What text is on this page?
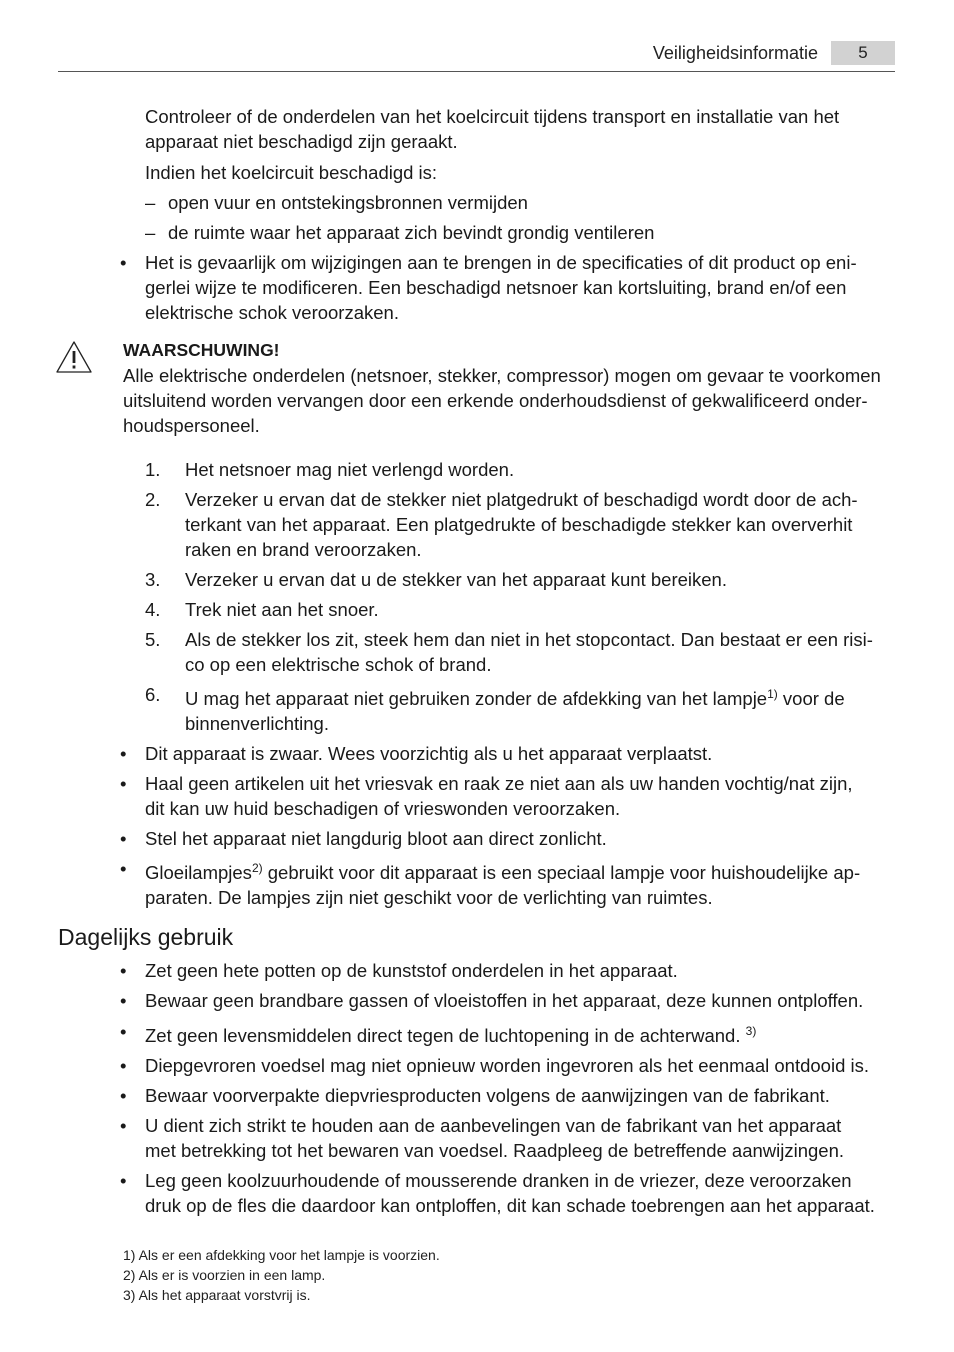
Veiligheidsinformatie	5
Controleer of de onderdelen van het koelcircuit tijdens transport en installatie van het apparaat niet beschadigd zijn geraakt.
Indien het koelcircuit beschadigd is:
– open vuur en ontstekingsbronnen vermijden
– de ruimte waar het apparaat zich bevindt grondig ventileren
• Het is gevaarlijk om wijzigingen aan te brengen in de specificaties of dit product op eni-
gerlei wijze te modificeren. Een beschadigd netsnoer kan kortsluiting, brand en/of een
elektrische schok veroorzaken.
WAARSCHUWING!
Alle elektrische onderdelen (netsnoer, stekker, compressor) mogen om gevaar te voorkomen
uitsluitend worden vervangen door een erkende onderhoudsdienst of gekwalificeerd onder-
houdspersoneel.
1. Het netsnoer mag niet verlengd worden.
2. Verzeker u ervan dat de stekker niet platgedrukt of beschadigd wordt door de ach-
terkant van het apparaat. Een platgedrukte of beschadigde stekker kan oververhit
raken en brand veroorzaken.
3. Verzeker u ervan dat u de stekker van het apparaat kunt bereiken.
4. Trek niet aan het snoer.
5. Als de stekker los zit, steek hem dan niet in het stopcontact. Dan bestaat er een risi-
co op een elektrische schok of brand.
6. U mag het apparaat niet gebruiken zonder de afdekking van het lampje$^{1)}$ voor de
binnenverlichting.
• Dit apparaat is zwaar. Wees voorzichtig als u het apparaat verplaatst.
• Haal geen artikelen uit het vriesvak en raak ze niet aan als uw handen vochtig/nat zijn,
dit kan uw huid beschadigen of vrieswonden veroorzaken.
• Stel het apparaat niet langdurig bloot aan direct zonlicht.
• Gloeilampjes$^{2)}$ gebruikt voor dit apparaat is een speciaal lampje voor huishoudelijke ap-
paraten. De lampjes zijn niet geschikt voor de verlichting van ruimtes.
Dagelijks gebruik
• Zet geen hete potten op de kunststof onderdelen in het apparaat.
• Bewaar geen brandbare gassen of vloeistoffen in het apparaat, deze kunnen ontploffen.
• Zet geen levensmiddelen direct tegen de luchtopening in de achterwand. $^{3)}$
• Diepgevroren voedsel mag niet opnieuw worden ingevroren als het eenmaal ontdooid is.
• Bewaar voorverpakte diepvriesproducten volgens de aanwijzingen van de fabrikant.
• U dient zich strikt te houden aan de aanbevelingen van de fabrikant van het apparaat
met betrekking tot het bewaren van voedsel. Raadpleeg de betreffende aanwijzingen.
• Leg geen koolzuurhoudende of mousserende dranken in de vriezer, deze veroorzaken
druk op de fles die daardoor kan ontploffen, dit kan schade toebrengen aan het apparaat.
1) Als er een afdekking voor het lampje is voorzien.
2) Als er is voorzien in een lamp.
3) Als het apparaat vorstvrij is.
